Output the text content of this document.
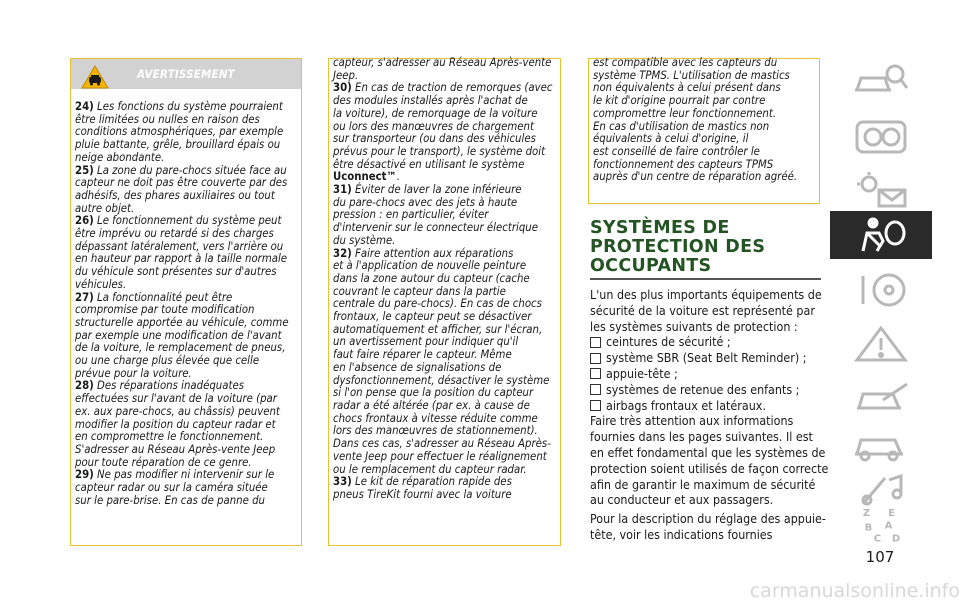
AVERTISSEMENT
24) Les fonctions du système pourraient
être limitées ou nulles en raison des
conditions atmosphériques, par exemple
pluie battante, grêle, brouillard épais ou
neige abondante.
25) La zone du pare-chocs située face au
capteur ne doit pas être couverte par des
adhésifs, des phares auxiliaires ou tout
autre objet.
26) Le fonctionnement du système peut
être imprévu ou retardé si des charges
dépassant latéralement, vers l'arrière ou
en hauteur par rapport à la taille normale
du véhicule sont présentes sur d'autres
véhicules.
27) La fonctionnalité peut être
compromise par toute modification
structurelle apportée au véhicule, comme
par exemple une modification de l'avant
de la voiture, le remplacement de pneus,
ou une charge plus élevée que celle
prévue pour la voiture.
28) Des réparations inadéquates
effectuées sur l'avant de la voiture (par
ex. aux pare-chocs, au châssis) peuvent
modifier la position du capteur radar et
en compromettre le fonctionnement.
S'adresser au Réseau Après-vente Jeep
pour toute réparation de ce genre.
29) Ne pas modifier ni intervenir sur le
capteur radar ou sur la caméra située
sur le pare-brise. En cas de panne du
capteur, s'adresser au Réseau Après-vente
Jeep.
30) En cas de traction de remorques (avec
des modules installés après l'achat de
la voiture), de remorquage de la voiture
ou lors des manœuvres de chargement
sur transporteur (ou dans des véhicules
prévus pour le transport), le système doit
être désactivé en utilisant le système
Uconnect™.
31) Éviter de laver la zone inférieure
du pare-chocs avec des jets à haute
pression : en particulier, éviter
d'intervenir sur le connecteur électrique
du système.
32) Faire attention aux réparations
et à l'application de nouvelle peinture
dans la zone autour du capteur (cache
couvrant le capteur dans la partie
centrale du pare-chocs). En cas de chocs
frontaux, le capteur peut se désactiver
automatiquement et afficher, sur l'écran,
un avertissement pour indiquer qu'il
faut faire réparer le capteur. Même
en l'absence de signalisations de
dysfonctionnement, désactiver le système
si l'on pense que la position du capteur
radar a été altérée (par ex. à cause de
chocs frontaux à vitesse réduite comme
lors des manœuvres de stationnement).
Dans ces cas, s'adresser au Réseau Après-
vente Jeep pour effectuer le réalignement
ou le remplacement du capteur radar.
33) Le kit de réparation rapide des
pneus TireKit fourni avec la voiture
est compatible avec les capteurs du
système TPMS. L'utilisation de mastics
non équivalents à celui présent dans
le kit d'origine pourrait par contre
compromettre leur fonctionnement.
En cas d'utilisation de mastics non
équivalents à celui d'origine, il
est conseillé de faire contrôler le
fonctionnement des capteurs TPMS
auprès d'un centre de réparation agréé.
SYSTÈMES DE PROTECTION DES OCCUPANTS

L'un des plus importants équipements de sécurité de la voiture est représenté par les systèmes suivants de protection :

ceintures de sécurité ;
système SBR (Seat Belt Reminder) ;
appuie-tête ;
systèmes de retenue des enfants ;
airbags frontaux et latéraux.

Faire très attention aux informations fournies dans les pages suivantes. Il est en effet fondamental que les systèmes de protection soient utilisés de façon correcte afin de garantir le maximum de sécurité au conducteur et aux passagers.

Pour la description du réglage des appuie-tête, voir les indications fournies

Z E
B A
C D
107
carmanualsonline.info
